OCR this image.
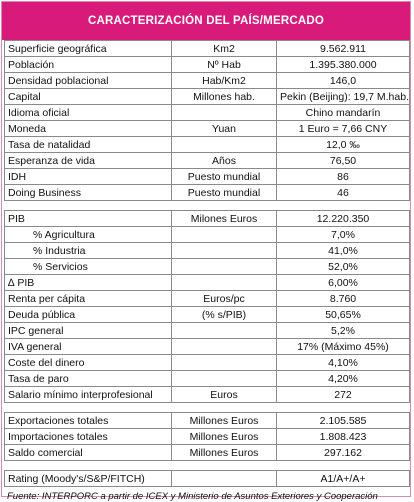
CARACTERIZACIÓN DEL PAÍS/MERCADO
Superficie geográfica	Km2	9.562.911
Población	Nº Hab	1.395.380.000
Densidad poblacional	Hab/Km2	146,0
Capital	Millones hab.	Pekin (Beijing): 19,7 M.hab.
Idioma oficial		Chino mandarín
Moneda	Yuan	1 Euro = 7,66 CNY
Tasa de natalidad		12,0 ‰
Esperanza de vida	Años	76,50
IDH	Puesto mundial	86
Doing Business	Puesto mundial	46

PIB	Milones Euros	12.220.350
% Agricultura		7,0%
% Industria		41,0%
% Servicios		52,0%
∆ PIB		6,00%
Renta per cápita	Euros/pc	8.760
Deuda pública	(% s/PIB)	50,65%
IPC general		5,2%
IVA general		17% (Máximo 45%)
Coste del dinero		4,10%
Tasa de paro		4,20%
Salario mínimo interprofesional	Euros	272

Exportaciones totales	Millones Euros	2.105.585
Importaciones totales	Millones Euros	1.808.423
Saldo comercial	Millones Euros	297.162

Rating (Moody's/S&P/FITCH)		A1/A+/A+
Fuente: INTERPORC a partir de ICEX y Ministerio de Asuntos Exteriores y Cooperación
